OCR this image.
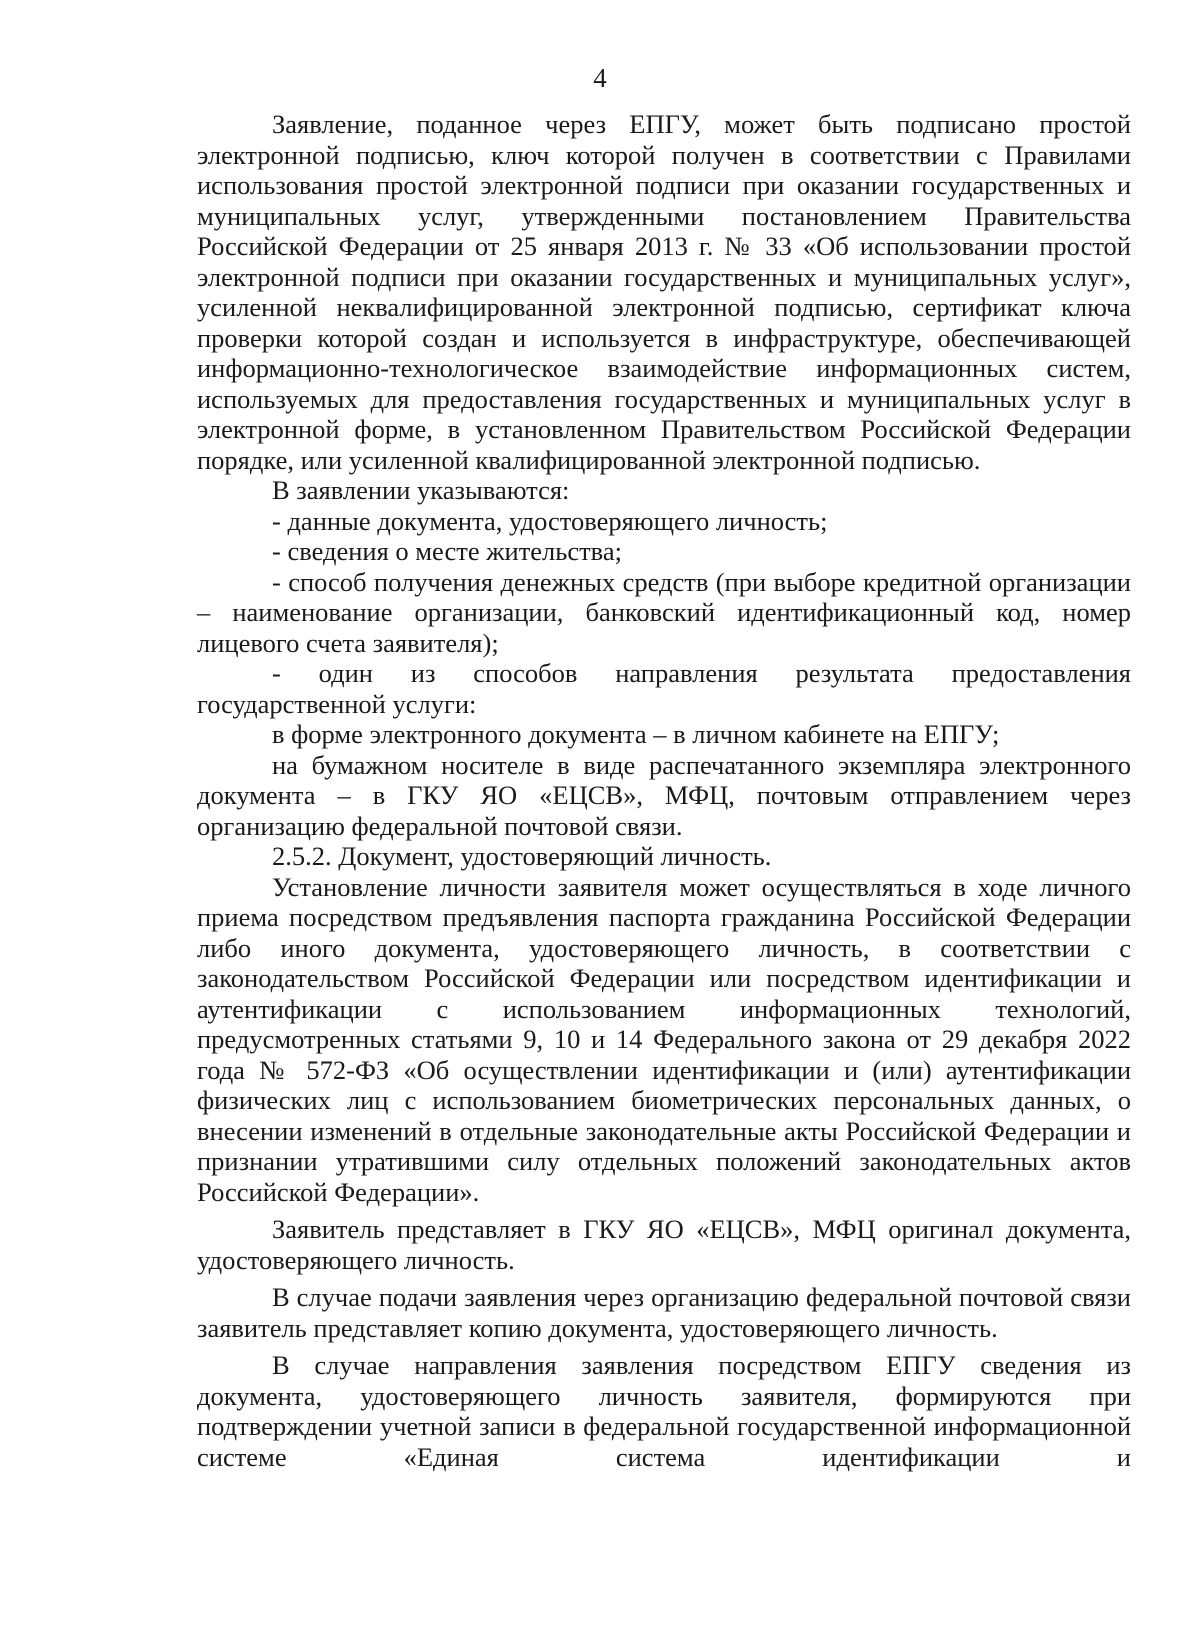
4

Заявление, поданное через ЕПГУ, может быть подписано простой электронной подписью, ключ которой получен в соответствии с Правилами использования простой электронной подписи при оказании государственных и муниципальных услуг, утвержденными постановлением Правительства Российской Федерации от 25 января 2013 г. № 33 «Об использовании простой электронной подписи при оказании государственных и муниципальных услуг», усиленной неквалифицированной электронной подписью, сертификат ключа проверки которой создан и используется в инфраструктуре, обеспечивающей информационно-технологическое взаимодействие информационных систем, используемых для предоставления государственных и муниципальных услуг в электронной форме, в установленном Правительством Российской Федерации порядке, или усиленной квалифицированной электронной подписью.

В заявлении указываются:

- данные документа, удостоверяющего личность;

- сведения о месте жительства;

- способ получения денежных средств (при выборе кредитной организации – наименование организации, банковский идентификационный код, номер лицевого счета заявителя);

- один из способов направления результата предоставления государственной услуги:

в форме электронного документа – в личном кабинете на ЕПГУ;

на бумажном носителе в виде распечатанного экземпляра электронного документа – в ГКУ ЯО «ЕЦСВ», МФЦ, почтовым отправлением через организацию федеральной почтовой связи.

2.5.2. Документ, удостоверяющий личность.

Установление личности заявителя может осуществляться в ходе личного приема посредством предъявления паспорта гражданина Российской Федерации либо иного документа, удостоверяющего личность, в соответствии с законодательством Российской Федерации или посредством идентификации и аутентификации с использованием информационных технологий, предусмотренных статьями 9, 10 и 14 Федерального закона от 29 декабря 2022 года № 572-ФЗ «Об осуществлении идентификации и (или) аутентификации физических лиц с использованием биометрических персональных данных, о внесении изменений в отдельные законодательные акты Российской Федерации и признании утратившими силу отдельных положений законодательных актов Российской Федерации».

Заявитель представляет в ГКУ ЯО «ЕЦСВ», МФЦ оригинал документа, удостоверяющего личность.

В случае подачи заявления через организацию федеральной почтовой связи заявитель представляет копию документа, удостоверяющего личность.

В случае направления заявления посредством ЕПГУ сведения из документа, удостоверяющего личность заявителя, формируются при подтверждении учетной записи в федеральной государственной информационной системе «Единая система идентификации и
